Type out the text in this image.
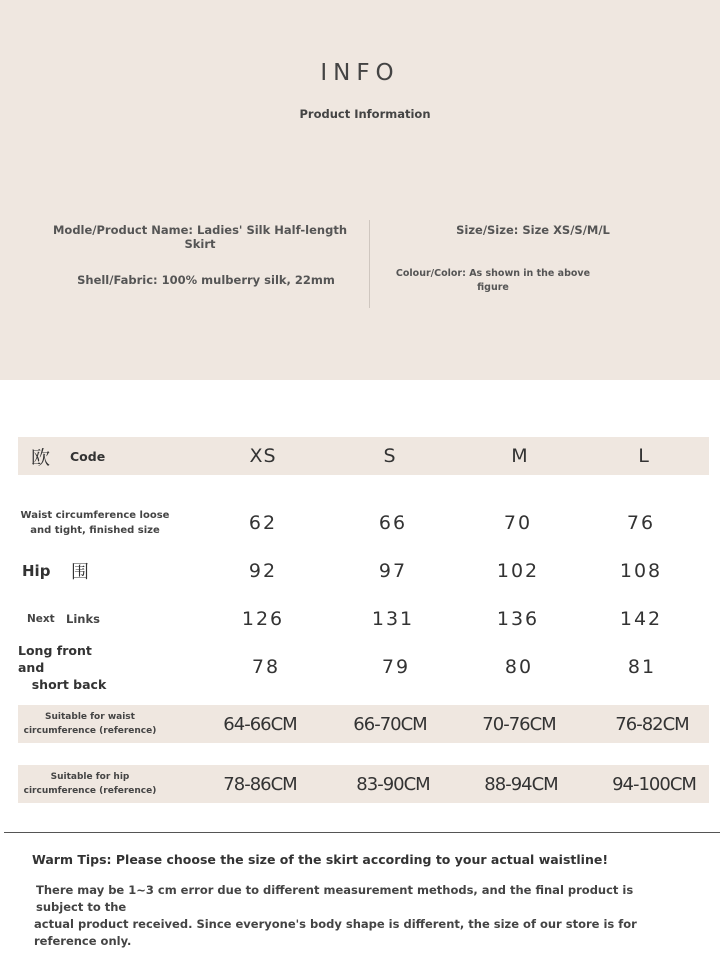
INFO
Product Information
Modle/Product Name: Ladies' Silk Half-length Skirt
Shell/Fabric: 100% mulberry silk, 22mm
Size/Size: Size XS/S/M/L
Colour/Color: As shown in the above
figure
欧 Code	XS	S	M	L
Waist circumference loose
and tight, finished size	62	66	70	76
Hip 围	92	97	102	108
Next Links	126	131	136	142
Long front and
short back
78	79	80	81
Suitable for waist
circumference (reference)	64-66CM	66-70CM	70-76CM	76-82CM
Suitable for hip
circumference (reference)	78-86CM	83-90CM	88-94CM	94-100CM
Warm Tips: Please choose the size of the skirt according to your actual waistline!
There may be 1~3 cm error due to different measurement methods, and the final product is subject to the
actual product received. Since everyone's body shape is different, the size of our store is for reference only.
